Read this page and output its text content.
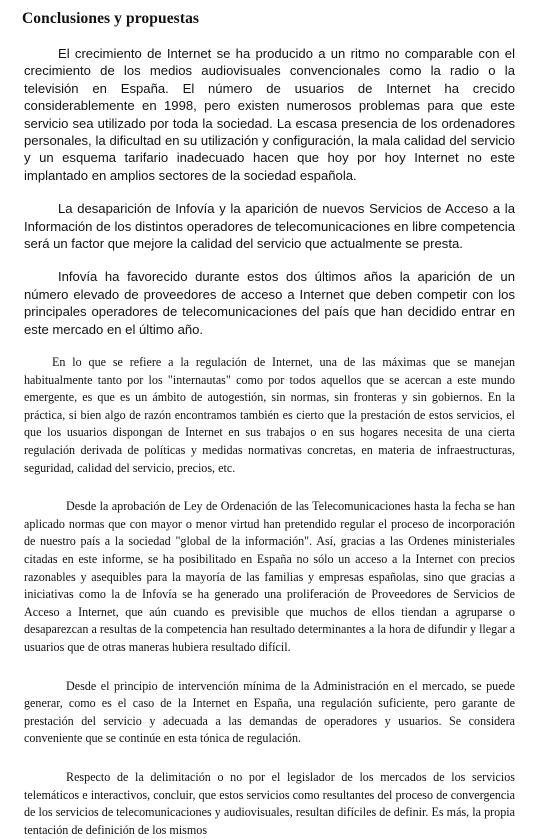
Conclusiones y propuestas

El crecimiento de Internet se ha producido a un ritmo no comparable con el crecimiento de los medios audiovisuales convencionales como la radio o la televisión en España. El número de usuarios de Internet ha crecido considerablemente en 1998, pero existen numerosos problemas para que este servicio sea utilizado por toda la sociedad. La escasa presencia de los ordenadores personales, la dificultad en su utilización y configuración, la mala calidad del servicio y un esquema tarifario inadecuado hacen que hoy por hoy Internet no este implantado en amplios sectores de la sociedad española.

La desaparición de Infovía y la aparición de nuevos Servicios de Acceso a la Información de los distintos operadores de telecomunicaciones en libre competencia será un factor que mejore la calidad del servicio que actualmente se presta.

Infovía ha favorecido durante estos dos últimos años la aparición de un número elevado de proveedores de acceso a Internet que deben competir con los principales operadores de telecomunicaciones del país que han decidido entrar en este mercado en el último año.

En lo que se refiere a la regulación de Internet, una de las máximas que se manejan habitualmente tanto por los "internautas" como por todos aquellos que se acercan a este mundo emergente, es que es un ámbito de autogestión, sin normas, sin fronteras y sin gobiernos. En la práctica, si bien algo de razón encontramos también es cierto que la prestación de estos servicios, el que los usuarios dispongan de Internet en sus trabajos o en sus hogares necesita de una cierta regulación derivada de políticas y medidas normativas concretas, en materia de infraestructuras, seguridad, calidad del servicio, precios, etc.

Desde la aprobación de Ley de Ordenación de las Telecomunicaciones hasta la fecha se han aplicado normas que con mayor o menor virtud han pretendido regular el proceso de incorporación de nuestro país a la sociedad "global de la información". Así, gracias a las Ordenes ministeriales citadas en este informe, se ha posibilitado en España no sólo un acceso a la Internet con precios razonables y asequibles para la mayoría de las familias y empresas españolas, sino que gracias a iniciativas como la de Infovía se ha generado una proliferación de Proveedores de Servicios de Acceso a Internet, que aún cuando es previsible que muchos de ellos tiendan a agruparse o desaparezcan a resultas de la competencia han resultado determinantes a la hora de difundir y llegar a usuarios que de otras maneras hubiera resultado difícil.

Desde el principio de intervención mínima de la Administración en el mercado, se puede generar, como es el caso de la Internet en España, una regulación suficiente, pero garante de prestación del servicio y adecuada a las demandas de operadores y usuarios. Se considera conveniente que se continúe en esta tónica de regulación.

Respecto de la delimitación o no por el legislador de los mercados de los servicios telemáticos e interactivos, concluir, que estos servicios como resultantes del proceso de convergencia de los servicios de telecomunicaciones y audiovisuales, resultan difíciles de definir. Es más, la propia tentación de definición de los mismos
